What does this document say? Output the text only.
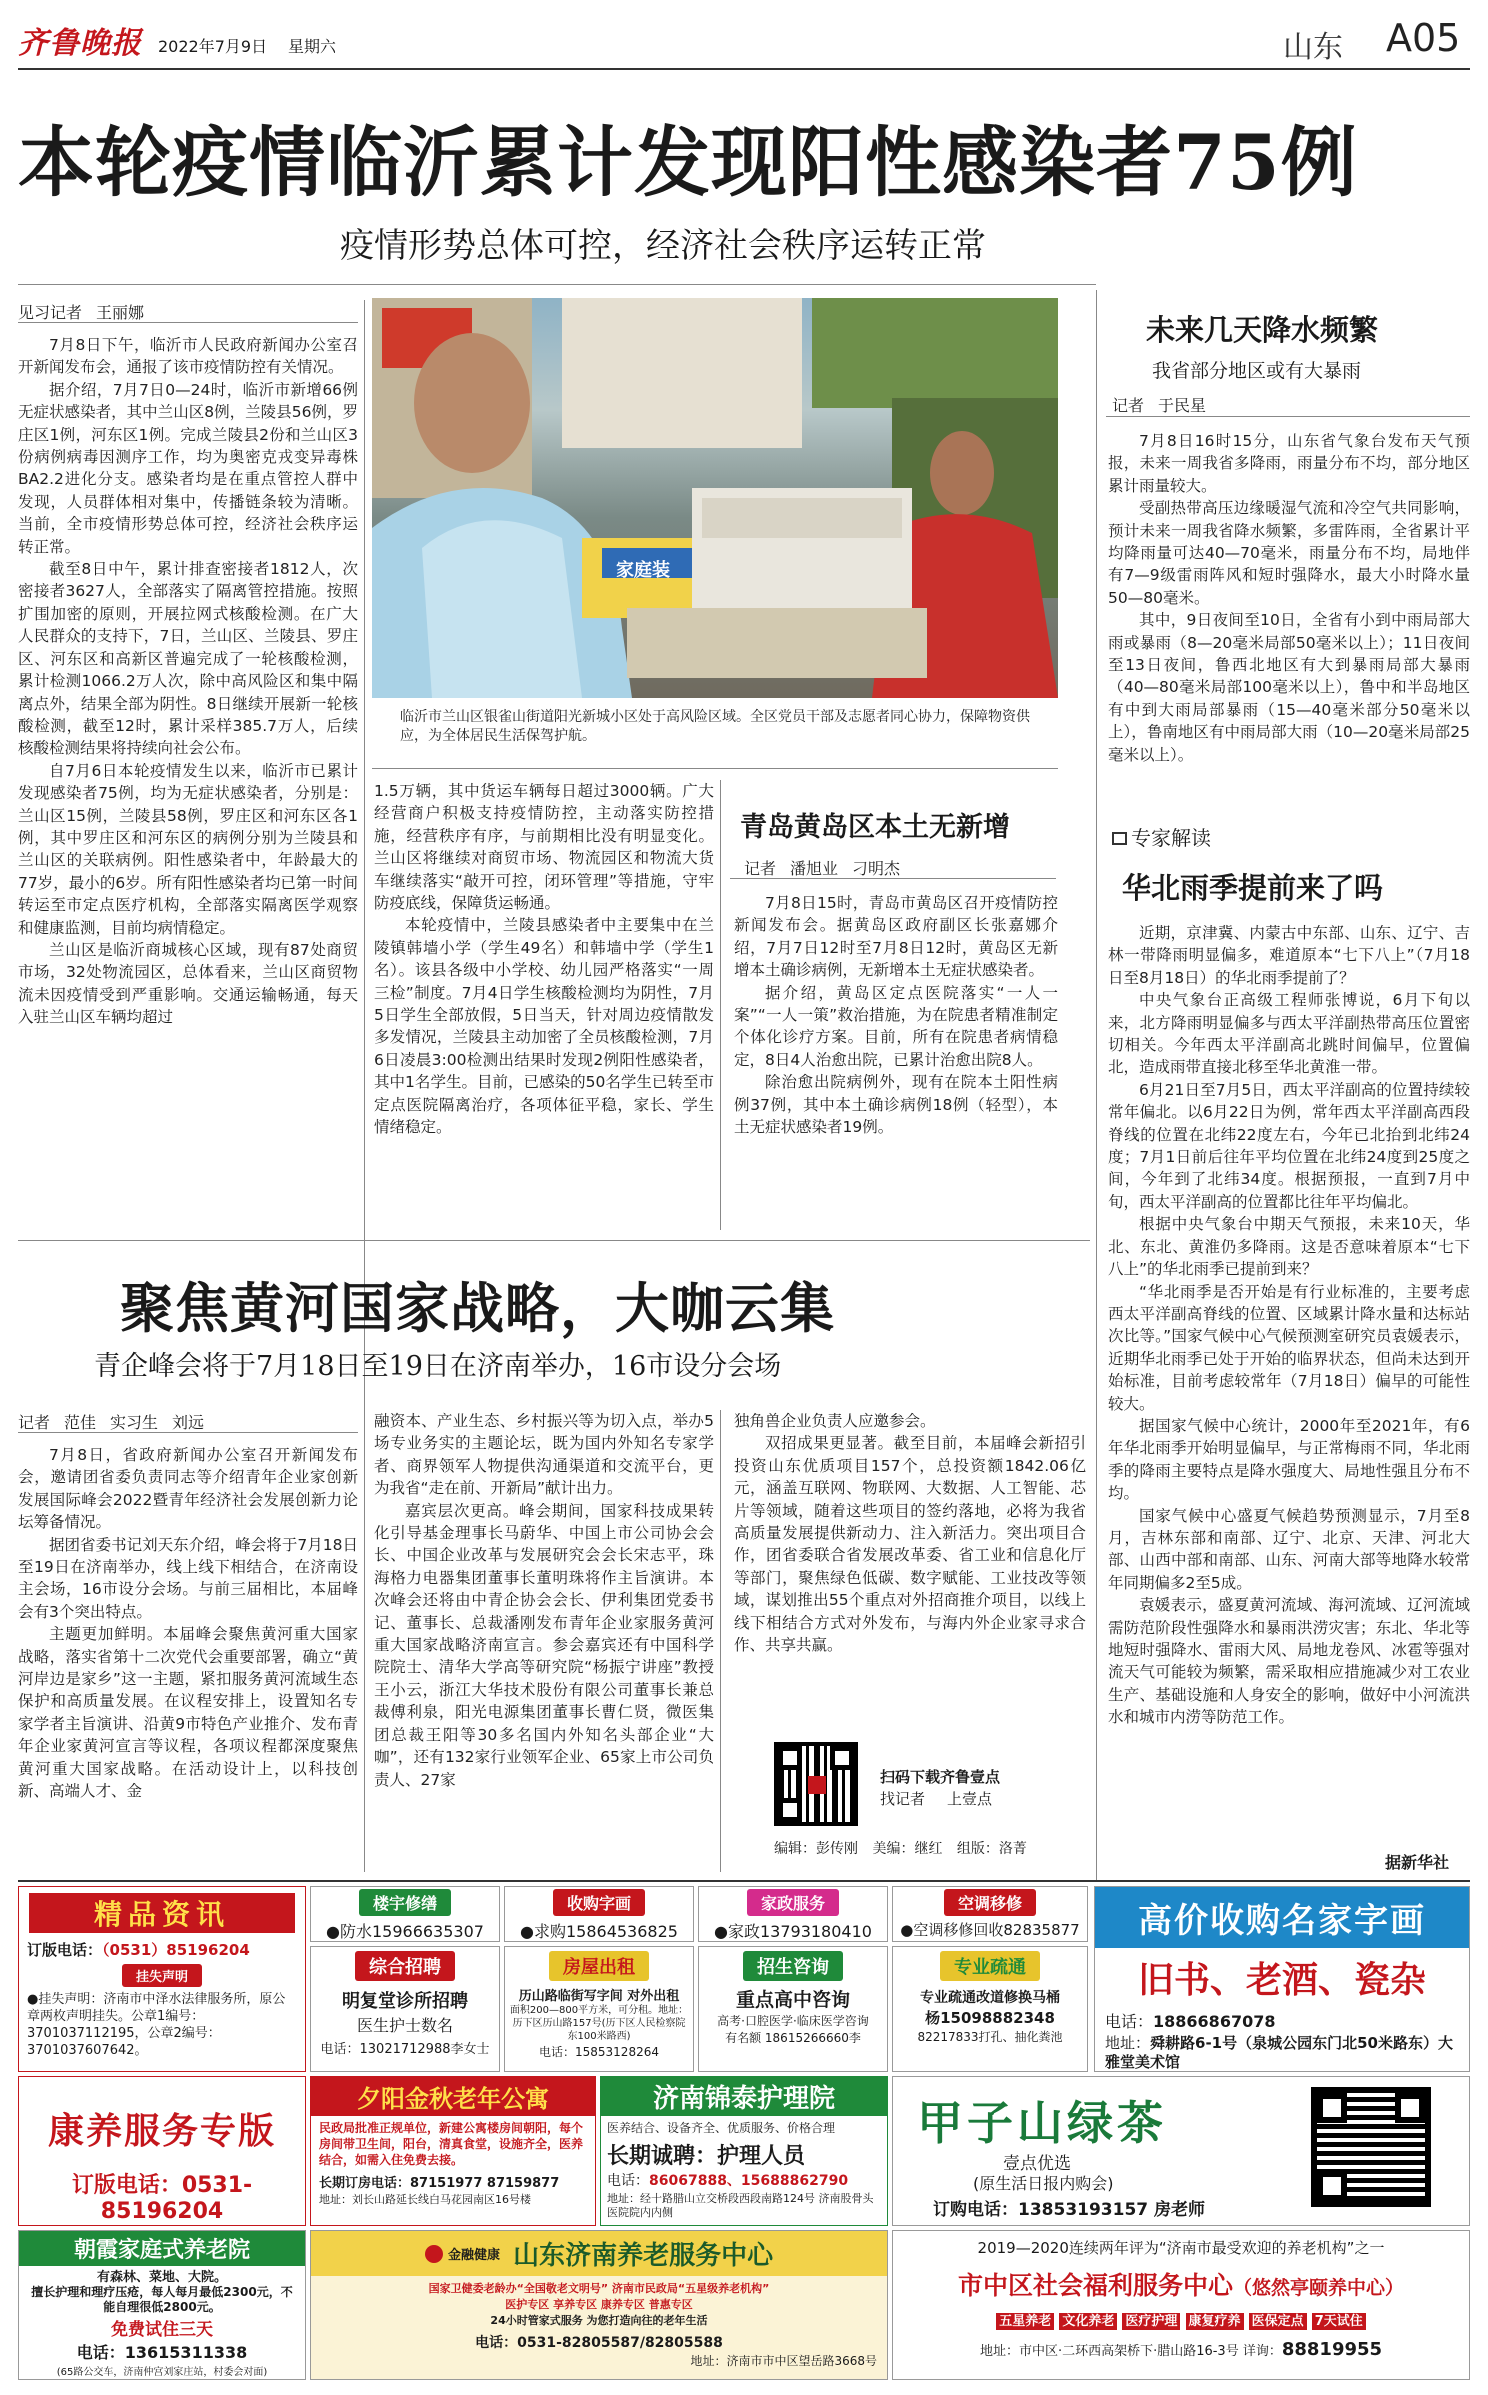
齐鲁晚报 2022年7月9日 星期六	山东 A05
本轮疫情临沂累计发现阳性感染者75例
疫情形势总体可控，经济社会秩序运转正常
见习记者 王丽娜

7月8日下午，临沂市人民政府新闻办公室召开新闻发布会，通报了该市疫情防控有关情况。

据介绍，7月7日0—24时，临沂市新增66例无症状感染者，其中兰山区8例，兰陵县56例，罗庄区1例，河东区1例。完成兰陵县2份和兰山区3份病例病毒因测序工作，均为奥密克戎变异毒株BA2.2进化分支。感染者均是在重点管控人群中发现，人员群体相对集中，传播链条较为清晰。当前，全市疫情形势总体可控，经济社会秩序运转正常。

截至8日中午，累计排查密接者1812人，次密接者3627人，全部落实了隔离管控措施。按照扩围加密的原则，开展拉网式核酸检测。在广大人民群众的支持下，7日，兰山区、兰陵县、罗庄区、河东区和高新区普遍完成了一轮核酸检测，累计检测1066.2万人次，除中高风险区和集中隔离点外，结果全部为阴性。8日继续开展新一轮核酸检测，截至12时，累计采样385.7万人，后续核酸检测结果将持续向社会公布。

自7月6日本轮疫情发生以来，临沂市已累计发现感染者75例，均为无症状感染者，分别是：兰山区15例，兰陵县58例，罗庄区和河东区各1例，其中罗庄区和河东区的病例分别为兰陵县和兰山区的关联病例。阳性感染者中，年龄最大的77岁，最小的6岁。所有阳性感染者均已第一时间转运至市定点医疗机构，全部落实隔离医学观察和健康监测，目前均病情稳定。

兰山区是临沂商城核心区域，现有87处商贸市场，32处物流园区，总体看来，兰山区商贸物流未因疫情受到严重影响。交通运输畅通，每天入驻兰山区车辆均超过

家庭装
临沂市兰山区银雀山街道阳光新城小区处于高风险区域。全区党员干部及志愿者同心协力，保障物资供应，为全体居民生活保驾护航。

1.5万辆，其中货运车辆每日超过3000辆。广大经营商户积极支持疫情防控，主动落实防控措施，经营秩序有序，与前期相比没有明显变化。兰山区将继续对商贸市场、物流园区和物流大货车继续落实“敲开可控，闭环管理”等措施，守牢防疫底线，保障货运畅通。

本轮疫情中，兰陵县感染者中主要集中在兰陵镇韩墙小学（学生49名）和韩墙中学（学生1名）。该县各级中小学校、幼儿园严格落实“一周三检”制度。7月4日学生核酸检测均为阴性，7月5日学生全部放假，5日当天，针对周边疫情散发多发情况，兰陵县主动加密了全员核酸检测，7月6日凌晨3:00检测出结果时发现2例阳性感染者，其中1名学生。目前，已感染的50名学生已转至市定点医院隔离治疗，各项体征平稳，家长、学生情绪稳定。

青岛黄岛区本土无新增
记者 潘旭业 刁明杰

7月8日15时，青岛市黄岛区召开疫情防控新闻发布会。据黄岛区政府副区长张嘉娜介绍，7月7日12时至7月8日12时，黄岛区无新增本土确诊病例，无新增本土无症状感染者。

据介绍，黄岛区定点医院落实“一人一案”“一人一策”救治措施，为在院患者精准制定个体化诊疗方案。目前，所有在院患者病情稳定，8日4人治愈出院，已累计治愈出院8人。

除治愈出院病例外，现有在院本土阳性病例37例，其中本土确诊病例18例（轻型），本土无症状感染者19例。

未来几天降水频繁
我省部分地区或有大暴雨
记者 于民星

7月8日16时15分，山东省气象台发布天气预报，未来一周我省多降雨，雨量分布不均，部分地区累计雨量较大。

受副热带高压边缘暖湿气流和冷空气共同影响，预计未来一周我省降水频繁，多雷阵雨，全省累计平均降雨量可达40—70毫米，雨量分布不均，局地伴有7—9级雷雨阵风和短时强降水，最大小时降水量50—80毫米。

其中，9日夜间至10日，全省有小到中雨局部大雨或暴雨（8—20毫米局部50毫米以上）；11日夜间至13日夜间，鲁西北地区有大到暴雨局部大暴雨（40—80毫米局部100毫米以上），鲁中和半岛地区有中到大雨局部暴雨（15—40毫米部分50毫米以上），鲁南地区有中雨局部大雨（10—20毫米局部25毫米以上）。

专家解读
华北雨季提前来了吗

近期，京津冀、内蒙古中东部、山东、辽宁、吉林一带降雨明显偏多，难道原本“七下八上”（7月18日至8月18日）的华北雨季提前了？

中央气象台正高级工程师张博说，6月下旬以来，北方降雨明显偏多与西太平洋副热带高压位置密切相关。今年西太平洋副高北跳时间偏早，位置偏北，造成雨带直接北移至华北黄淮一带。

6月21日至7月5日，西太平洋副高的位置持续较常年偏北。以6月22日为例，常年西太平洋副高西段脊线的位置在北纬22度左右，今年已北抬到北纬24度；7月1日前后往年平均位置在北纬24度到25度之间，今年到了北纬34度。根据预报，一直到7月中旬，西太平洋副高的位置都比往年平均偏北。

根据中央气象台中期天气预报，未来10天，华北、东北、黄淮仍多降雨。这是否意味着原本“七下八上”的华北雨季已提前到来？

“华北雨季是否开始是有行业标准的，主要考虑西太平洋副高脊线的位置、区域累计降水量和达标站次比等。”国家气候中心气候预测室研究员袁媛表示，近期华北雨季已处于开始的临界状态，但尚未达到开始标准，目前考虑较常年（7月18日）偏早的可能性较大。

据国家气候中心统计，2000年至2021年，有6年华北雨季开始明显偏早，与正常梅雨不同，华北雨季的降雨主要特点是降水强度大、局地性强且分布不均。

国家气候中心盛夏气候趋势预测显示，7月至8月，吉林东部和南部、辽宁、北京、天津、河北大部、山西中部和南部、山东、河南大部等地降水较常年同期偏多2至5成。

袁媛表示，盛夏黄河流域、海河流域、辽河流域需防范阶段性强降水和暴雨洪涝灾害；东北、华北等地短时强降水、雷雨大风、局地龙卷风、冰雹等强对流天气可能较为频繁，需采取相应措施减少对工农业生产、基础设施和人身安全的影响，做好中小河流洪水和城市内涝等防范工作。

据新华社
聚焦黄河国家战略，大咖云集
青企峰会将于7月18日至19日在济南举办，16市设分会场
记者 范佳 实习生 刘远

7月8日，省政府新闻办公室召开新闻发布会，邀请团省委负责同志等介绍青年企业家创新发展国际峰会2022暨青年经济社会发展创新力论坛筹备情况。

据团省委书记刘天东介绍，峰会将于7月18日至19日在济南举办，线上线下相结合，在济南设主会场，16市设分会场。与前三届相比，本届峰会有3个突出特点。

主题更加鲜明。本届峰会聚焦黄河重大国家战略，落实省第十二次党代会重要部署，确立“黄河岸边是家乡”这一主题，紧扣服务黄河流域生态保护和高质量发展。在议程安排上，设置知名专家学者主旨演讲、沿黄9市特色产业推介、发布青年企业家黄河宣言等议程，各项议程都深度聚焦黄河重大国家战略。在活动设计上，以科技创新、高端人才、金

融资本、产业生态、乡村振兴等为切入点，举办5场专业务实的主题论坛，既为国内外知名专家学者、商界领军人物提供沟通渠道和交流平台，更为我省“走在前、开新局”献计出力。

嘉宾层次更高。峰会期间，国家科技成果转化引导基金理事长马蔚华、中国上市公司协会会长、中国企业改革与发展研究会会长宋志平，珠海格力电器集团董事长董明珠将作主旨演讲。本次峰会还将由中青企协会会长、伊利集团党委书记、董事长、总裁潘刚发布青年企业家服务黄河重大国家战略济南宣言。参会嘉宾还有中国科学院院士、清华大学高等研究院“杨振宁讲座”教授王小云，浙江大华技术股份有限公司董事长兼总裁傅利泉，阳光电源集团董事长曹仁贤，微医集团总裁王阳等30多名国内外知名头部企业“大咖”，还有132家行业领军企业、65家上市公司负责人、27家

独角兽企业负责人应邀参会。

双招成果更显著。截至目前，本届峰会新招引投资山东优质项目157个，总投资额1842.06亿元，涵盖互联网、物联网、大数据、人工智能、芯片等领域，随着这些项目的签约落地，必将为我省高质量发展提供新动力、注入新活力。突出项目合作，团省委联合省发展改革委、省工业和信息化厅等部门，聚焦绿色低碳、数字赋能、工业技改等领域，谋划推出55个重点对外招商推介项目，以线上线下相结合方式对外发布，与海内外企业家寻求合作、共享共赢。

扫码下载齐鲁壹点
找记者 上壹点
编辑：彭传刚 美编：继红 组版：洛菁
精品资讯
订版电话：（0531）85196204
挂失声明
●挂失声明：济南市中泽水法律服务所，原公章两枚声明挂失。公章1编号：3701037112195，公章2编号：3701037607642。
楼宇修缮
●防水15966635307
收购字画
●求购15864536825
家政服务
●家政13793180410
空调移修
●空调移修回收82835877
综合招聘
明复堂诊所招聘
医生护士数名
电话：13021712988李女士
房屋出租
历山路临街写字间 对外出租
面积200—800平方米，可分租。地址：历下区历山路157号(历下区人民检察院东100米路西)
电话：15853128264
招生咨询
重点高中咨询
高考·口腔医学·临床医学咨询
有名额 18615266660李
专业疏通
专业疏通改道修换马桶
杨15098882348
82217833打孔、抽化粪池
高价收购名家字画
旧书、老酒、瓷杂
电话：18866867078
地址：舜耕路6-1号（泉城公园东门北50米路东）大雅堂美术馆
康养服务专版
订版电话：0531-85196204
夕阳金秋老年公寓
民政局批准正规单位，新建公寓楼房间朝阳，每个房间带卫生间，阳台，清真食堂，设施齐全，医养结合，如需入住免费去接。
长期订房电话：87151977 87159877
地址：刘长山路延长线白马花园南区16号楼
济南锦泰护理院
医养结合、设备齐全、优质服务、价格合理
长期诚聘：护理人员
电话：86067888、15688862790
地址：经十路腊山立交桥段西段南路124号 济南股骨头医院院内内侧
甲子山绿茶
壹点优选
(原生活日报内购会)
订购电话：13853193157 房老师
朝霞家庭式养老院
有森林、菜地、大院。
擅长护理和理疗压疮，每人每月最低2300元，不能自理很低2800元。
免费试住三天
电话：13615311338
(65路公交车，济南仲宫刘家庄站，村委会对面)
金融健康 山东济南养老服务中心
国家卫健委老龄办“全国敬老文明号” 济南市民政局“五星级养老机构”
医护专区 享养专区 康养专区 普惠专区
24小时管家式服务 为您打造向往的老年生活
电话：0531-82805587/82805588
地址：济南市市中区望岳路3668号
2019—2020连续两年评为“济南市最受欢迎的养老机构”之一
市中区社会福利服务中心（悠然亭颐养中心）
五星养老 文化养老 医疗护理 康复疗养 医保定点 7天试住
地址：市中区·二环西高架桥下·腊山路16-3号 详询：88819955
